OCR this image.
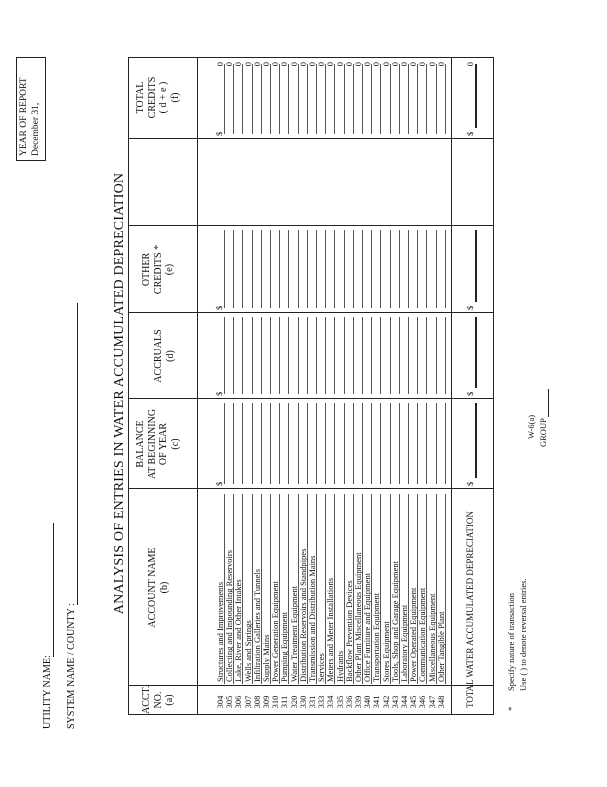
UTILITY NAME: SYSTEM NAME / COUNTY :
YEAR OF REPORT December 31,
ANALYSIS OF ENTRIES IN WATER ACCUMULATED DEPRECIATION
ACCT. NO. (a)
ACCOUNT NAME (b)
BALANCE AT BEGINNING OF YEAR (c)
ACCRUALS (d)
OTHER CREDITS * (e)
TOTAL CREDITS ( d + e ) (f)
304
Structures and Improvements
0
305
Collecting and Impounding Reservoirs
0
306
Lake, River and Other Intakes
0
307
Wells and Springs
0
308
Infiltration Galleries and Tunnels
0
309
Supply Mains
0
310
Power Generation Equipment
0
311
Pumping Equipment
0
320
Water Treatment Equipment
0
330
Distribution Reservoirs and Standpipes
0
331
Transmission and Distribution Mains
0
333
Services
0
334
Meters and Meter Installations
0
335
Hydrants
0
336
Backflow Prevention Devices
0
339
Other Plant Miscellaneous Equipment
0
340
Office Furniture and Equipment
0
341
Transportation Equipment
0
342
Stores Equipment
0
343
Tools, Shop and Garage Equipment
0
344
Laboratory Equipment
0
345
Power Operated Equipment
0
346
Communication Equipment
0
347
Miscellaneous Equipment
0
348
Other Tangible Plant
0
$
$
$
$
TOTAL WATER ACCUMULATED DEPRECIATION
0
$
$
$
$
*
Specify nature of transaction Use ( ) to denote reversal entries.
W-6(a) GROUP
